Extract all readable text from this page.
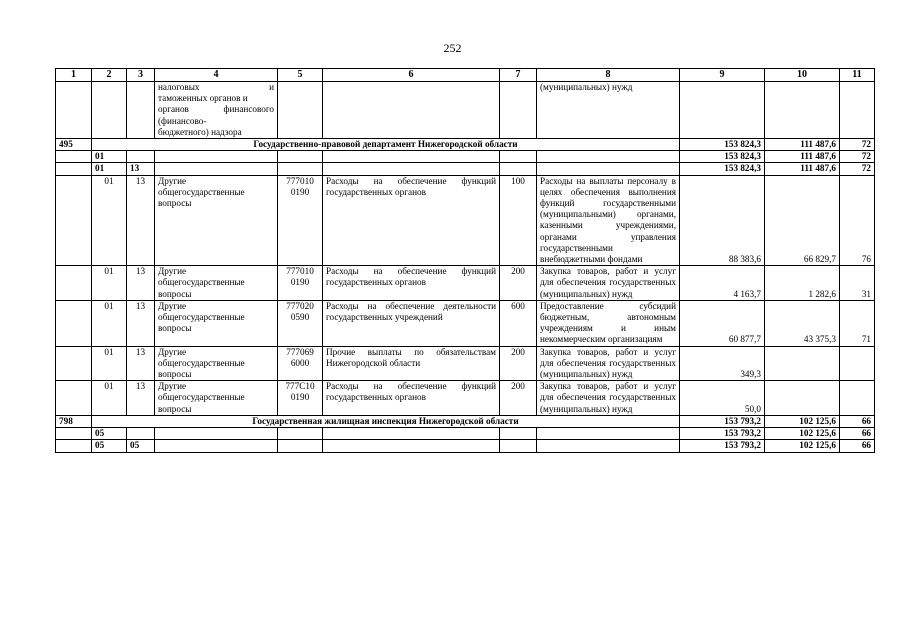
252
1	2	3	4	5	6	7	8	9	10	11

			налоговых и
таможенных органов и
органов финансового
(финансово-
бюджетного) надзора				(муниципальных) нужд			
495	Государственно-правовой департамент Нижегородской области							153 824,3	111 487,6	72
	01							153 824,3	111 487,6	72
	01	13						153 824,3	111 487,6	72
	01	13	Другие общегосударственные вопросы	777010 0190	Расходы на обеспечение функций государственных органов	100	Расходы на выплаты персоналу в целях обеспечения выполнения функций государственными (муниципальными) органами, казенными учреждениями, органами управления государственными внебюджетными фондами	88 383,6	66 829,7	76
	01	13	Другие общегосударственные вопросы	777010 0190	Расходы на обеспечение функций государственных органов	200	Закупка товаров, работ и услуг для обеспечения государственных (муниципальных) нужд	4 163,7	1 282,6	31
	01	13	Другие общегосударственные вопросы	777020 0590	Расходы на обеспечение деятельности государственных учреждений	600	Предоставление субсидий бюджетным, автономным учреждениям и иным некоммерческим организациям	60 877,7	43 375,3	71
	01	13	Другие общегосударственные вопросы	777069 6000	Прочие выплаты по обязательствам Нижегородской области	200	Закупка товаров, работ и услуг для обеспечения государственных (муниципальных) нужд	349,3		
	01	13	Другие общегосударственные вопросы	777С10 0190	Расходы на обеспечение функций государственных органов	200	Закупка товаров, работ и услуг для обеспечения государственных (муниципальных) нужд	50,0		
798	Государственная жилищная инспекция Нижегородской области							153 793,2	102 125,6	66
	05							153 793,2	102 125,6	66
	05	05						153 793,2	102 125,6	66
